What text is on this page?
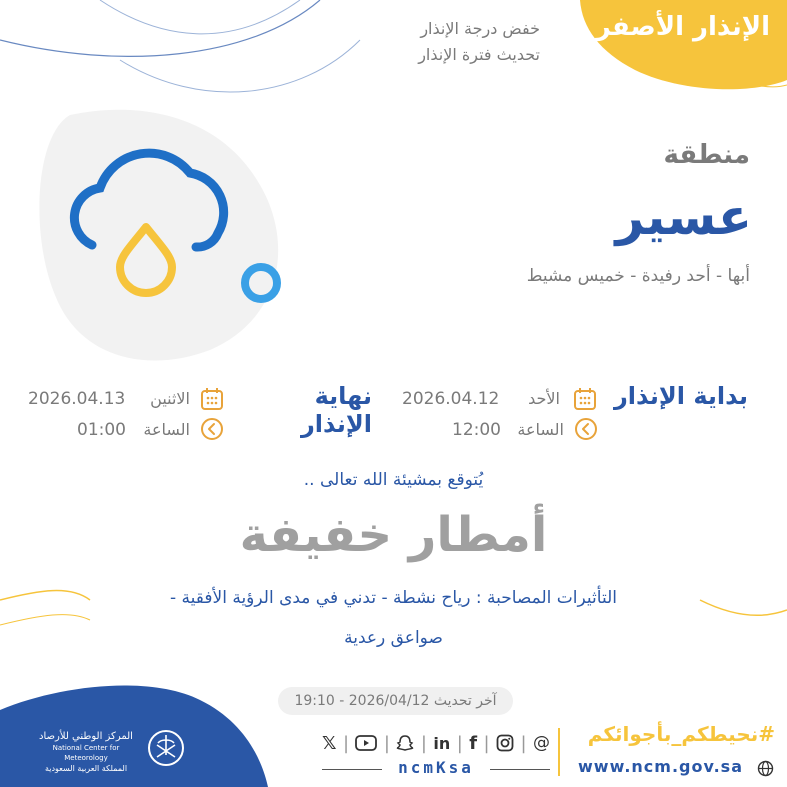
الإنذار الأصفر
خفض درجة الإنذار
تحديث فترة الإنذار
منطقة
عسير
أبها - أحد رفيدة - خميس مشيط
بداية الإنذار
الأحد
2026.04.12
الساعة
12:00
نهاية الإنذار
الاثنين
2026.04.13
الساعة
01:00
يُتوقع بمشيئة الله تعالى ..
أمطار خفيفة
التأثيرات المصاحبة : رياح نشطة - تدني في مدى الرؤية الأفقية -
صواعق رعدية
آخر تحديث 2026/04/12 - 19:10
المركز الوطني للأرصاد
National Center for Meteorology
المملكة العربية السعودية
𝕏 | | | in | f | | @
ncmKsa
#نحيطكم_بأجوائكم
www.ncm.gov.sa
